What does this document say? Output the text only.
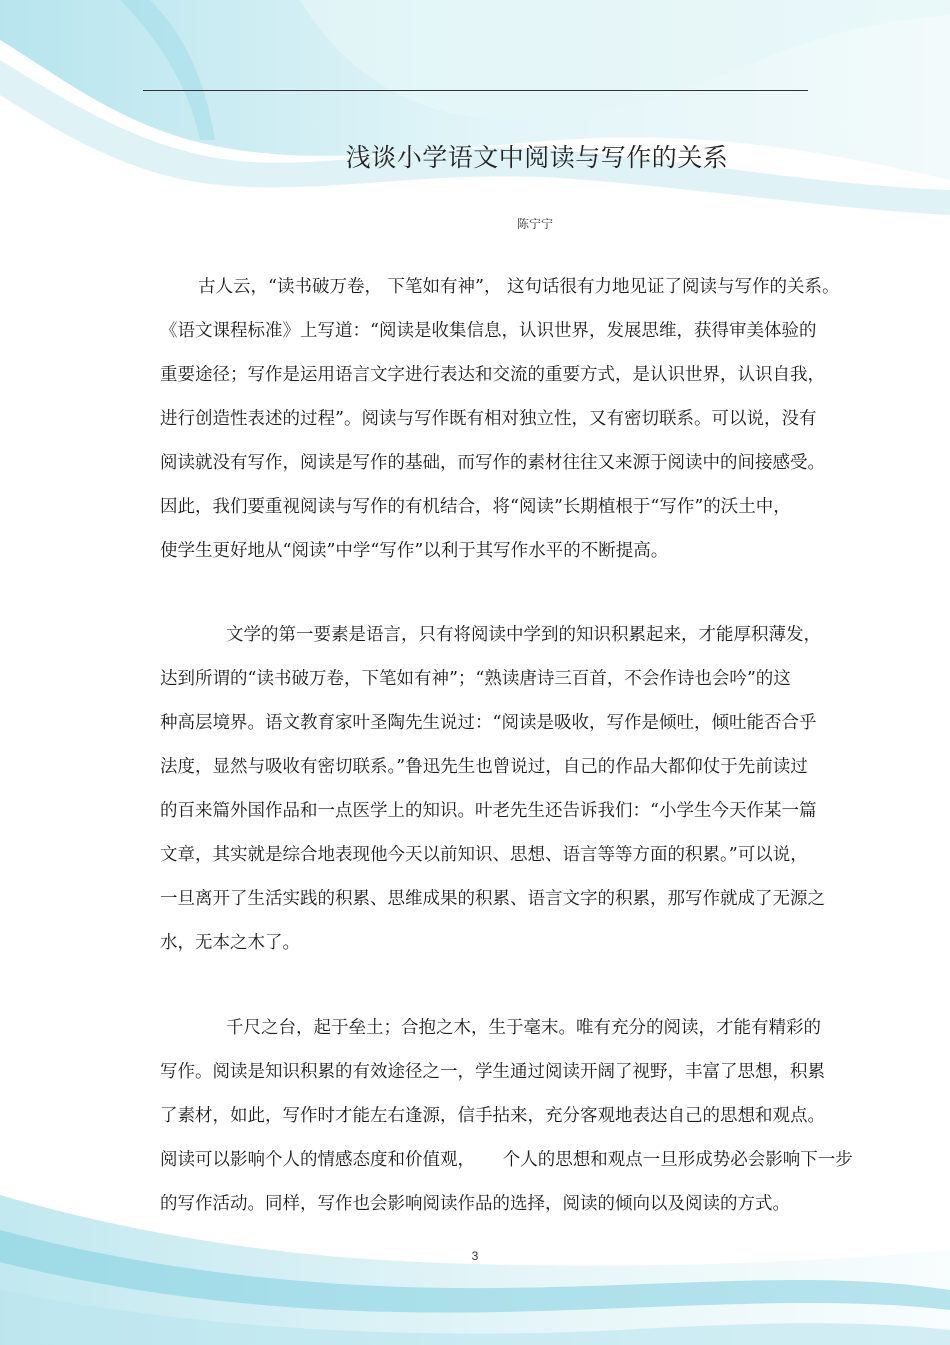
浅谈小学语文中阅读与写作的关系
陈宁宁
古人云，“读书破万卷， 下笔如有神”， 这句话很有力地见证了阅读与写作的关系。
《语文课程标准》上写道：“阅读是收集信息，认识世界，发展思维，获得审美体验的
重要途径；写作是运用语言文字进行表达和交流的重要方式，是认识世界，认识自我，
进行创造性表述的过程”。阅读与写作既有相对独立性，又有密切联系。可以说，没有
阅读就没有写作，阅读是写作的基础，而写作的素材往往又来源于阅读中的间接感受。
因此，我们要重视阅读与写作的有机结合，将“阅读”长期植根于“写作”的沃土中，
使学生更好地从“阅读”中学“写作”以利于其写作水平的不断提高。
文学的第一要素是语言，只有将阅读中学到的知识积累起来，才能厚积薄发，
达到所谓的“读书破万卷，下笔如有神”；“熟读唐诗三百首，不会作诗也会吟”的这
种高层境界。语文教育家叶圣陶先生说过：“阅读是吸收，写作是倾吐，倾吐能否合乎
法度，显然与吸收有密切联系。”鲁迅先生也曾说过，自己的作品大都仰仗于先前读过
的百来篇外国作品和一点医学上的知识。叶老先生还告诉我们：“小学生今天作某一篇
文章，其实就是综合地表现他今天以前知识、思想、语言等等方面的积累。”可以说，
一旦离开了生活实践的积累、思维成果的积累、语言文字的积累，那写作就成了无源之
水，无本之木了。
千尺之台，起于垒土；合抱之木，生于毫末。唯有充分的阅读，才能有精彩的
写作。阅读是知识积累的有效途径之一，学生通过阅读开阔了视野，丰富了思想，积累
了素材，如此，写作时才能左右逢源，信手拈来，充分客观地表达自己的思想和观点。
阅读可以影响个人的情感态度和价值观，     个人的思想和观点一旦形成势必会影响下一步
的写作活动。同样，写作也会影响阅读作品的选择，阅读的倾向以及阅读的方式。
3
